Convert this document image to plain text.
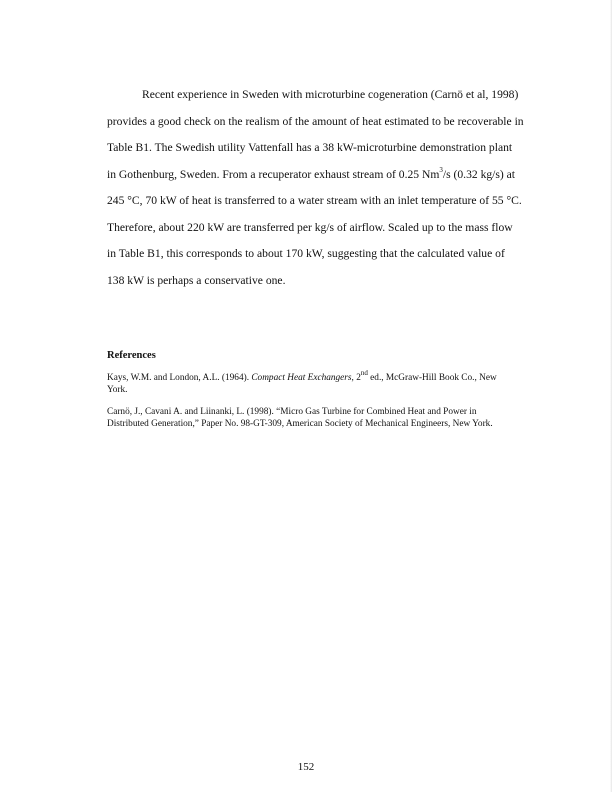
Recent experience in Sweden with microturbine cogeneration (Carnö et al, 1998)
provides a good check on the realism of the amount of heat estimated to be recoverable in
Table B1. The Swedish utility Vattenfall has a 38 kW-microturbine demonstration plant
in Gothenburg, Sweden. From a recuperator exhaust stream of 0.25 Nm$^3$/s (0.32 kg/s) at
245 °C, 70 kW of heat is transferred to a water stream with an inlet temperature of 55 °C.
Therefore, about 220 kW are transferred per kg/s of airflow. Scaled up to the mass flow
in Table B1, this corresponds to about 170 kW, suggesting that the calculated value of
138 kW is perhaps a conservative one.

References

Kays, W.M. and London, A.L. (1964). Compact Heat Exchangers, 2nd ed., McGraw-Hill Book Co., New
York.

Carnö, J., Cavani A. and Liinanki, L. (1998). “Micro Gas Turbine for Combined Heat and Power in
Distributed Generation,” Paper No. 98-GT-309, American Society of Mechanical Engineers, New York.

152
